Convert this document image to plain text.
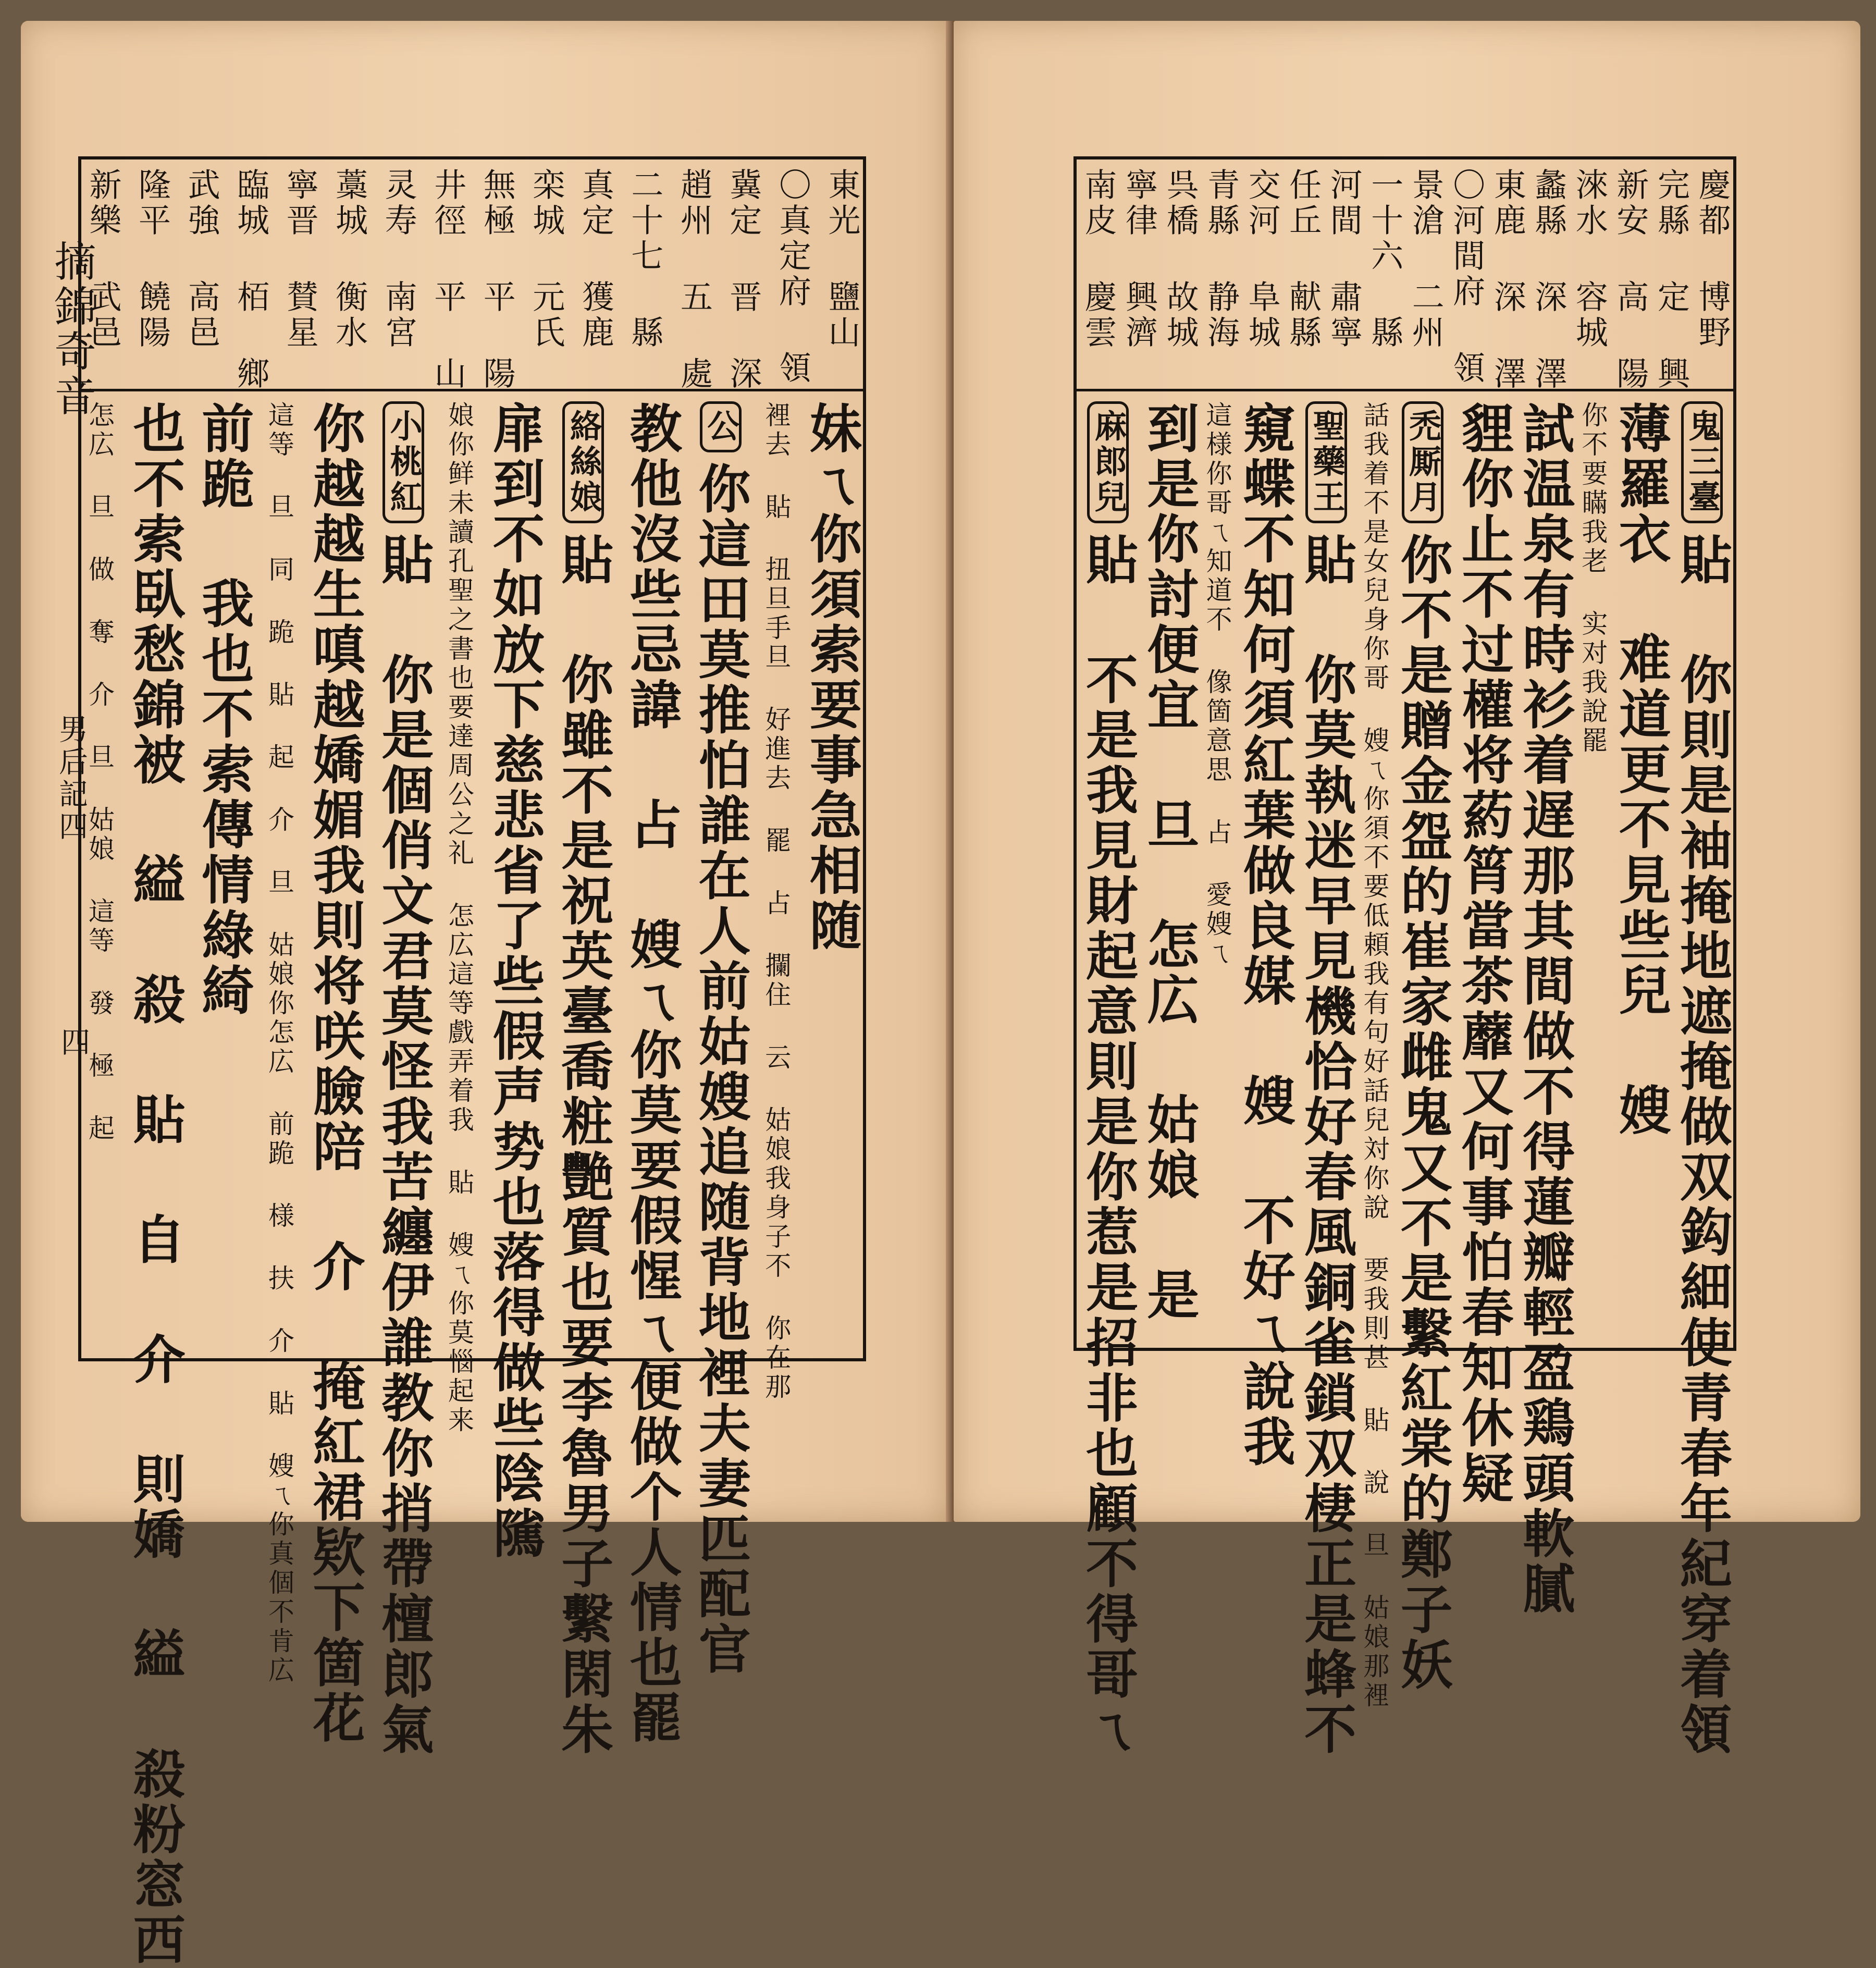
摘錦奇音
男后記四
四
東光 鹽山
〇真定府 領
冀定 晋 深
趙州 五 處
二十七 縣
真定 獲鹿
栾城 元氏
無極 平 陽
井徑 平 山
灵寿 南宮
藁城 衡水
寧晋 賛星
臨城 栢 鄉
武強 高邑
隆平 饒陽
新樂 武邑
妹ㄟ你須索要事急相随
裡去 貼 扭旦手旦 好進去 罷 占 攔住 云 姑娘我身子不 你在那
公你這田莫推怕誰在人前姑嫂追随背地裡夫妻匹配官
教他沒些忌諱 占 嫂ㄟ你莫要假惺ㄟ便做个人情也罷
絡絲娘貼 你雖不是祝英臺喬粧艷質也要李魯男子繫閑朱
扉到不如放下慈悲省了些假声势也落得做些陰隲
娘你鲜未讀孔聖之書也要達周公之礼 怎広這等戲弄着我 貼 嫂ㄟ你莫惱起来
小桃紅貼 你是個俏文君莫怪我苦纏伊誰教你捎帶檀郎氣
你越越生嗔越嬌媚我則将咲臉陪 介 掩紅裙欵下箇花
這等 旦 同 跪 貼 起 介 旦 姑娘你怎広 前跪 様 扶 介 貼 嫂ㄟ你真個不肯広
前跪 我也不索傳情綠綺
也不索臥愁錦被 縊 殺 貼 自 介 則嬌 縊 殺粉窓西
怎広 旦 做 奪 介 旦 姑娘 這等 發 極 起
慶都 博野
完縣 定 興
新安 高 陽
淶水 容城
蠡縣 深 澤
東鹿 深 澤
〇河間府 領
景滄 二州
一十六 縣
河間 肅寧
任丘 献縣
交河 阜城
青縣 静海
呉橋 故城
寧律 興濟
南皮 慶雲
鬼三臺貼 你則是袖掩地遮掩做双鈎細使青春年紀穿着領
薄羅衣 难道更不見些兒 嫂
你不要瞞我老 实对我說罷
試温泉有時衫着遅那其間做不得蓮瓣輕盈鶏頭軟膩
貍你止不过權将葯筲當茶蘼又何事怕春知休疑
禿厮月你不是贈金盌的崔家雌鬼又不是繫紅棠的鄭子妖
話我着不是女兒身你哥 嫂ㄟ你須不要低頼我有句好話兒対你說 要我則甚 貼 說 旦 姑娘那裡
聖藥王貼 你莫執迷早見機恰好春風銅雀鎖双棲正是蜂不
窺蝶不知何須紅葉做良媒 嫂 不好ㄟ說我
這様你哥ㄟ知道不 像箇意思 占 愛嫂ㄟ
到是你討便宜 旦 怎広 姑娘 是
麻郎兒貼 不是我見財起意則是你惹是招非也顧不得哥ㄟ
